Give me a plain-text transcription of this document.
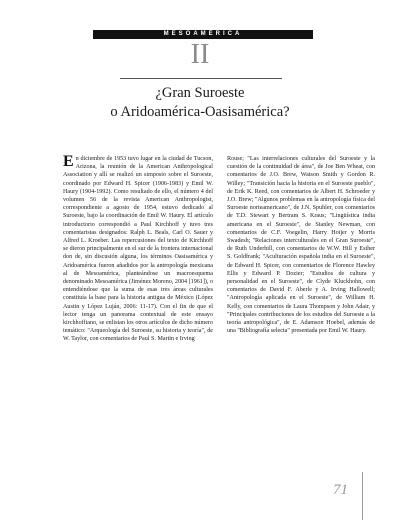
MESOAMÉRICA
II
¿Gran Suroeste
o Aridoamérica-Oasisamérica?
En diciembre de 1953 tuvo lugar en la ciudad de Tucson, Arizona, la reunión de la American Anthropological Association y allí se realizó un simposio sobre el Suroeste, coordinado por Edward H. Spicer (1906-1983) y Emil W. Haury (1904-1992). Como resultado de ello, el número 4 del volumen 56 de la revista American Anthropologist, correspondiente a agosto de 1954, estuvo dedicado al Suroeste, bajo la coordinación de Emil W. Haury. El artículo introductorio correspondió a Paul Kirchhoff y tuvo tres comentaristas designados: Ralph L. Beals, Carl O. Sauer y Alfred L. Kroeber. Las repercusiones del texto de Kirchhoff se dieron principalmente en el sur de la frontera internacional don de, sin discusión alguna, los términos Oasisamérica y Aridoamérica fueron añadidos por la antropología mexicana al de Mesoamérica, planteándose un macroesquema denominado Mesoamérica (Jiménez Moreno, 2004 [1961]), o entendiéndose que la suma de esas tres áreas culturales constituía la base para la historia antigua de México (López Austin y López Luján, 2006: 11-17). Con el fin de que el lector tenga un panorama contextual de este ensayo kirchhoffiano, se enlistan los otros artículos de dicho número temático: "Arqueología del Suroeste, su historia y teoría", de W. Taylor, con comentarios de Paul S. Martin e Irving
Rouse; "Las interrelaciones culturales del Suroeste y la cuestión de la continuidad de área", de Joe Ben Wheat, con comentarios de J.O. Brew, Watson Smith y Gordon R. Willey; "Transición hacia la historia en el Suroeste pueblo", de Erik K. Reed, con comentarios de Albert H. Schroeder y J.O. Brew; "Algunos problemas en la antropología física del Suroeste norteamericano", de J.N. Spuhler, con comentarios de T.D. Stewart y Bertram S. Kraus; "Lingüística india americana en el Suroeste", de Stanley Newman, con comentarios de C.F. Voegelin, Harry Hoijer y Morris Swadesh; "Relaciones interculturales en el Gran Suroeste", de Ruth Underhill, con comentarios de W.W. Hill y Esther S. Goldfrank; "Aculturación española india en el Suroeste", de Edward H. Spicer, con comentarios de Florence Hawley Ellis y Edward P. Dozier; "Estudios de cultura y personalidad en el Suroeste", de Clyde Kluckhohn, con comentarios de David F. Aberle y A. Irving Hallowell; "Antropología aplicada en el Suroeste", de William H. Kelly, con comentarios de Laura Thompson y John Adair, y "Principales contribuciones de los estudios del Suroeste a la teoría antropológica", de E. Adamson Hoebel, además de una "Bibliografía selecta" presentada por Emil W. Haury.
71
